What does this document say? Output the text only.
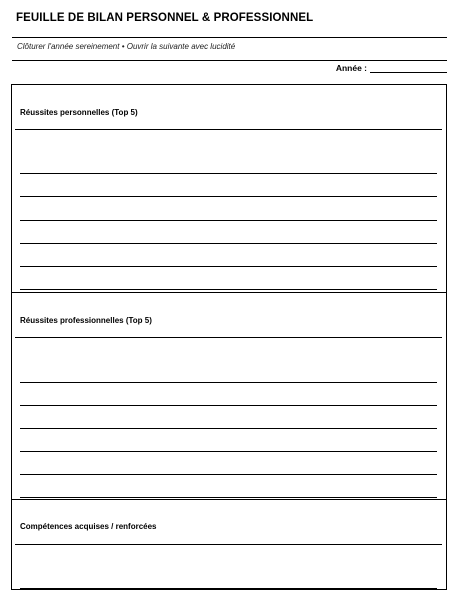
FEUILLE DE BILAN PERSONNEL & PROFESSIONNEL
Clôturer l'année sereinement • Ouvrir la suivante avec lucidité
Année :
Réussites personnelles (Top 5)
Réussites professionnelles (Top 5)
Compétences acquises / renforcées
